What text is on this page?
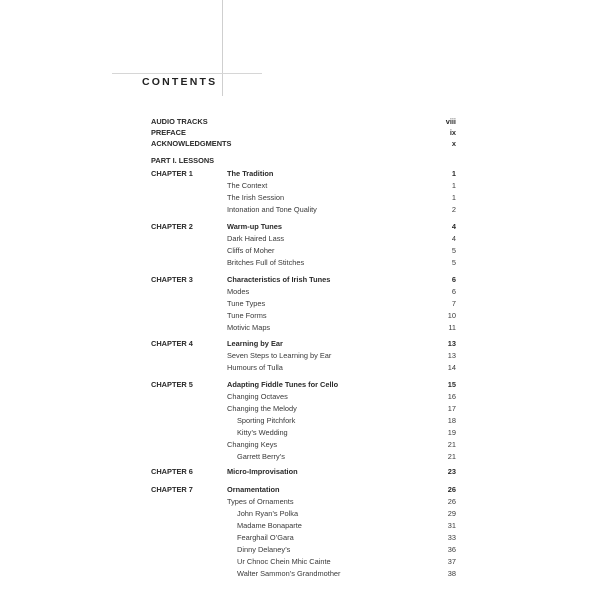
CONTENTS
AUDIO TRACKS	viii
PREFACE	ix
ACKNOWLEDGMENTS	x
PART I. LESSONS
CHAPTER 1	The Tradition	1
The Context	1
The Irish Session	1
Intonation and Tone Quality	2
CHAPTER 2	Warm-up Tunes	4
Dark Haired Lass	4
Cliffs of Moher	5
Britches Full of Stitches	5
CHAPTER 3	Characteristics of Irish Tunes	6
Modes	6
Tune Types	7
Tune Forms	10
Motivic Maps	11
CHAPTER 4	Learning by Ear	13
Seven Steps to Learning by Ear	13
Humours of Tulla	14
CHAPTER 5	Adapting Fiddle Tunes for Cello	15
Changing Octaves	16
Changing the Melody	17
Sporting Pitchfork	18
Kitty’s Wedding	19
Changing Keys	21
Garrett Berry’s	21
CHAPTER 6	Micro-Improvisation	23
CHAPTER 7	Ornamentation	26
Types of Ornaments	26
John Ryan’s Polka	29
Madame Bonaparte	31
Fearghail O’Gara	33
Dinny Delaney’s	36
Ur Chnoc Chein Mhic Cainte	37
Walter Sammon’s Grandmother	38
